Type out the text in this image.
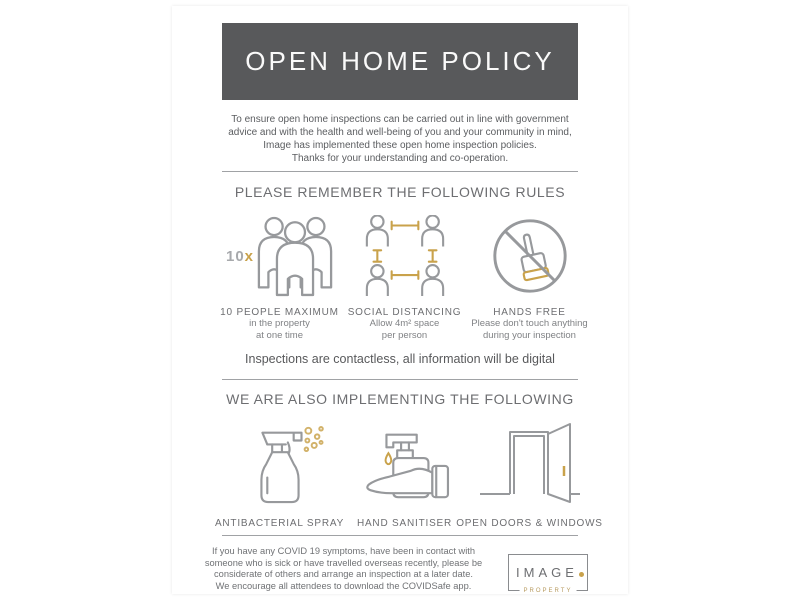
OPEN HOME POLICY
To ensure open home inspections can be carried out in line with government
advice and with the health and well-being of you and your community in mind,
Image has implemented these open home inspection policies.
Thanks for your understanding and co-operation.
PLEASE REMEMBER THE FOLLOWING RULES
10x
10 PEOPLE MAXIMUM
in the property
at one time
SOCIAL DISTANCING
Allow 4m² space
per person
HANDS FREE
Please don't touch anything
during your inspection
Inspections are contactless, all information will be digital
WE ARE ALSO IMPLEMENTING THE FOLLOWING
ANTIBACTERIAL SPRAY HAND SANITISER OPEN DOORS & WINDOWS
If you have any COVID 19 symptoms, have been in contact with
someone who is sick or have travelled overseas recently, please be
considerate of others and arrange an inspection at a later date.
We encourage all attendees to download the COVIDSafe app.
IMAGE
PROPERTY
